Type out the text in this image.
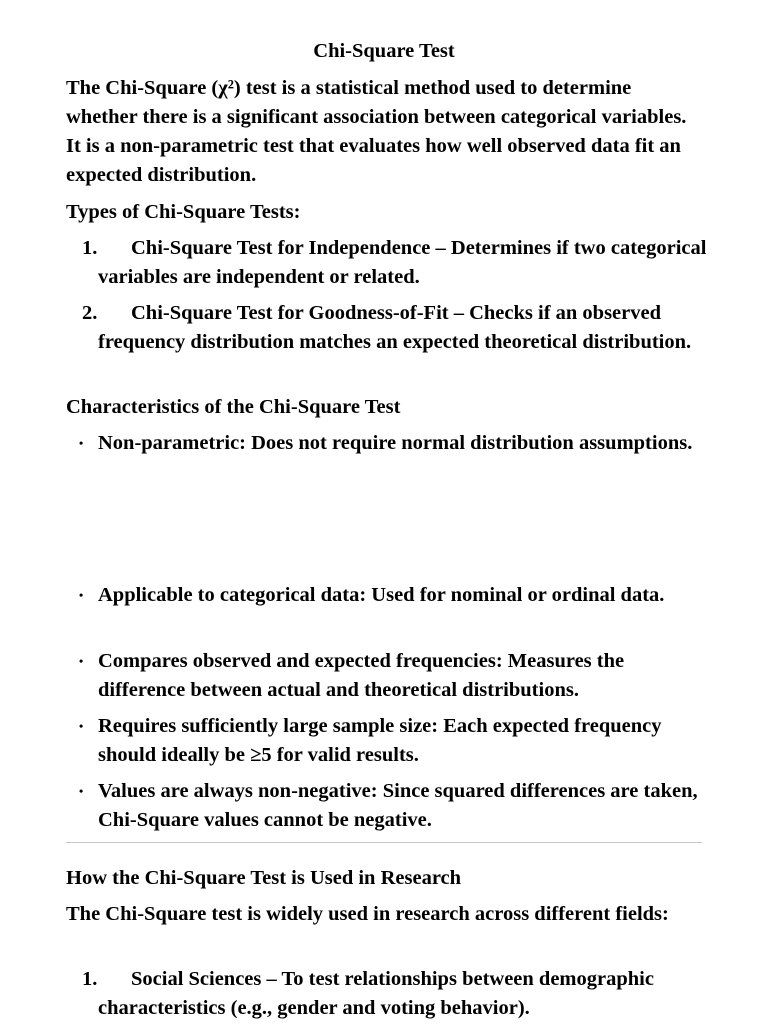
Chi-Square Test

The Chi-Square (χ²) test is a statistical method used to determine whether there is a significant association between categorical variables. It is a non-parametric test that evaluates how well observed data fit an expected distribution.

Types of Chi-Square Tests:
1. Chi-Square Test for Independence – Determines if two categorical variables are independent or related.
2. Chi-Square Test for Goodness-of-Fit – Checks if an observed frequency distribution matches an expected theoretical distribution.
Characteristics of the Chi-Square Test
• Non-parametric: Does not require normal distribution assumptions.
• Applicable to categorical data: Used for nominal or ordinal data.
• Compares observed and expected frequencies: Measures the difference between actual and theoretical distributions.
• Requires sufficiently large sample size: Each expected frequency should ideally be ≥5 for valid results.
• Values are always non-negative: Since squared differences are taken, Chi-Square values cannot be negative.
How the Chi-Square Test is Used in Research
The Chi-Square test is widely used in research across different fields:
1. Social Sciences – To test relationships between demographic characteristics (e.g., gender and voting behavior).
